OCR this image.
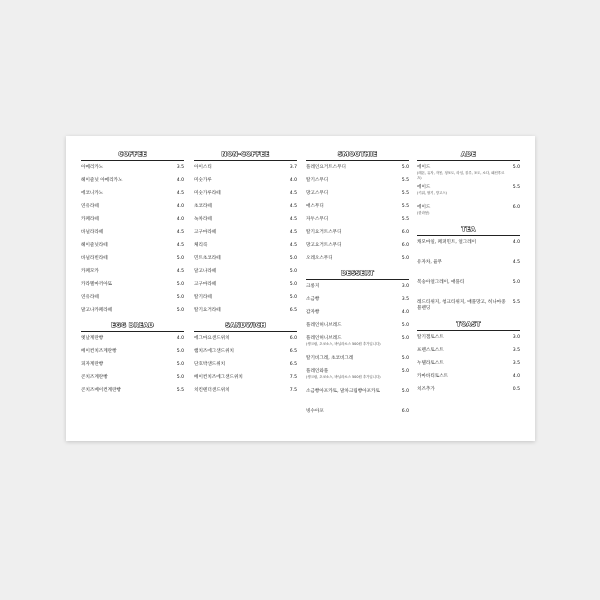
COFFEE
아메리카노	3.5
헤이즐넛 아메리카노	4.0
에코니카노	4.5
연유라떼	4.0
카페라떼	4.0
바닐라라떼	4.5
헤이즐넛라떼	4.5
바닐라빈라떼	5.0
카페모카	4.5
카라멜마끼아또	5.0
연유라떼	5.0
말고나카페라떼	5.0
EGG BREAD
옛날계란빵	4.0
베이컨치즈계란빵	5.0
피자계란빵	5.0
콘치즈계란빵	5.0
콘치즈베이컨계란빵	5.5
NON-COFFEE
아이스티	3.7
미숫가루	4.0
미숫가루라떼	4.5
초코라떼	4.5
녹차라떼	4.5
고구마라떼	4.5
체리콕	4.5
민트초코라떼	5.0
달고나라떼	5.0
고구마라떼	5.0
딸기라떼	5.0
딸기요거라떼	6.5
SANDWICH
에그마요샌드위치	6.0
햄치즈에그샌드위치	6.5
단호박샌드위치	6.5
베이컨치즈에그샌드위치	7.5
치킨텐더샌드위치	7.5
SMOOTHIE
플레인요거트스무디	5.0
딸기스무디	5.5
망고스무디	5.5
애스무디	5.5
자두스무디	5.5
딸기요거트스무디	6.0
망고요거트스무디	6.0
오레오스무디	5.0
DESSERT
크룽지	3.0
소금빵	3.5
감자빵	4.0
플레인허니브레드	5.0
플레인허니브레드
(생크림, 초코소스, 바닐라소스 500원 추가입니다)
5.0
딸기비그레, 초코비그레	5.0
플레인와플
(생크림, 초코소스, 바닐라소스 500원 추가입니다)
5.0
소금빵아포카토, 말차크림빵아포카토	5.0
빙수아포	6.0
ADE
에이드
(레몬, 유자, 자몽, 청포도, 라임, 블루, 포도, 소다, 패션후르츠)
5.0
에이드
(키위, 딸기, 망고스)
5.5
에이드
(한라봉)
6.0
TEA
캐모마일, 페퍼민트, 얼그레이	4.0
유자차, 율무	4.5
복숭아얼그레이, 애플티	5.0
레드티위지, 청크티위지, 애플망고, 히나마중블렌딩
5.5
TOAST
딸기잼토스트	3.0
프렌스토스트	3.5
누텔라토스트	3.5
카마바티토스트	4.0
치즈추가	0.5
